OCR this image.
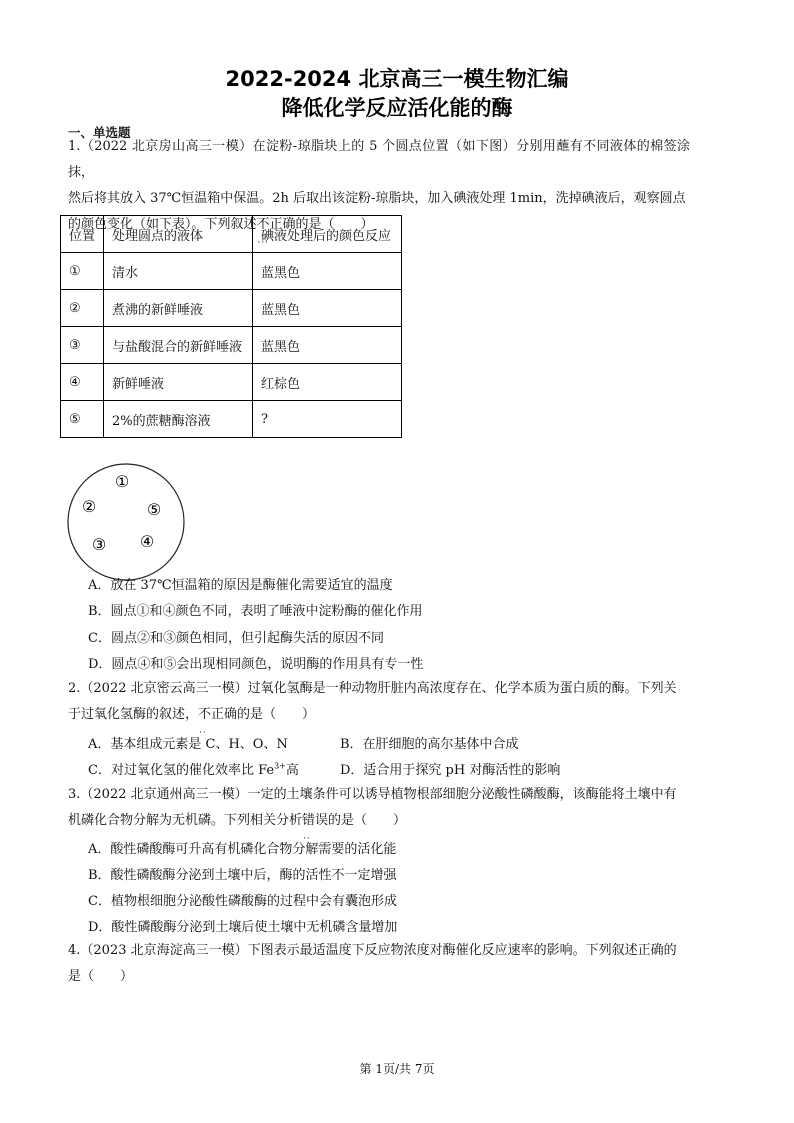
2022-2024 北京高三一模生物汇编
降低化学反应活化能的酶
一、单选题
1.（2022 北京房山高三一模）在淀粉-琼脂块上的 5 个圆点位置（如下图）分别用蘸有不同液体的棉签涂抹，
然后将其放入 37℃恒温箱中保温。2h 后取出该淀粉-琼脂块，加入碘液处理 1min，洗掉碘液后，观察圆点
的颜色变化（如下表）。下列叙述不正确 · · ·的是（　　）
位置	处理圆点的液体	碘液处理后的颜色反应
①	清水	蓝黑色
②	煮沸的新鲜唾液	蓝黑色
③	与盐酸混合的新鲜唾液	蓝黑色
④	新鲜唾液	红棕色
⑤	2%的蔗糖酶溶液	?
①
②	⑤
③ ④
A．放在 37℃恒温箱的原因是酶催化需要适宜的温度
B．圆点①和④颜色不同，表明了唾液中淀粉酶的催化作用
C．圆点②和③颜色相同，但引起酶失活的原因不同
D．圆点④和⑤会出现相同颜色，说明酶的作用具有专一性
2.（2022 北京密云高三一模）过氧化氢酶是一种动物肝脏内高浓度存在、化学本质为蛋白质的酶。下列关
于过氧化氢酶的叙述，不 · ·正确的是（　　）
A．基本组成元素是 C、H、O、N	B．在肝细胞的高尔基体中合成
C．对过氧化氢的催化效率比 $Fe^{3+}$高	D．适合用于探究 pH 对酶活性的影响
3.（2022 北京通州高三一模）一定的土壤条件可以诱导植物根部细胞分泌酸性磷酸酶，该酶能将土壤中有
机磷化合物分解为无机磷。下列相关分析错误 · ·的是（　　）
A．酸性磷酸酶可升高有机磷化合物分解需要的活化能
B．酸性磷酸酶分泌到土壤中后，酶的活性不一定增强
C．植物根细胞分泌酸性磷酸酶的过程中会有囊泡形成
D．酸性磷酸酶分泌到土壤后使土壤中无机磷含量增加
4.（2023 北京海淀高三一模）下图表示最适温度下反应物浓度对酶催化反应速率的影响。下列叙述正确的
是（　　）
第 1页/共 7页
